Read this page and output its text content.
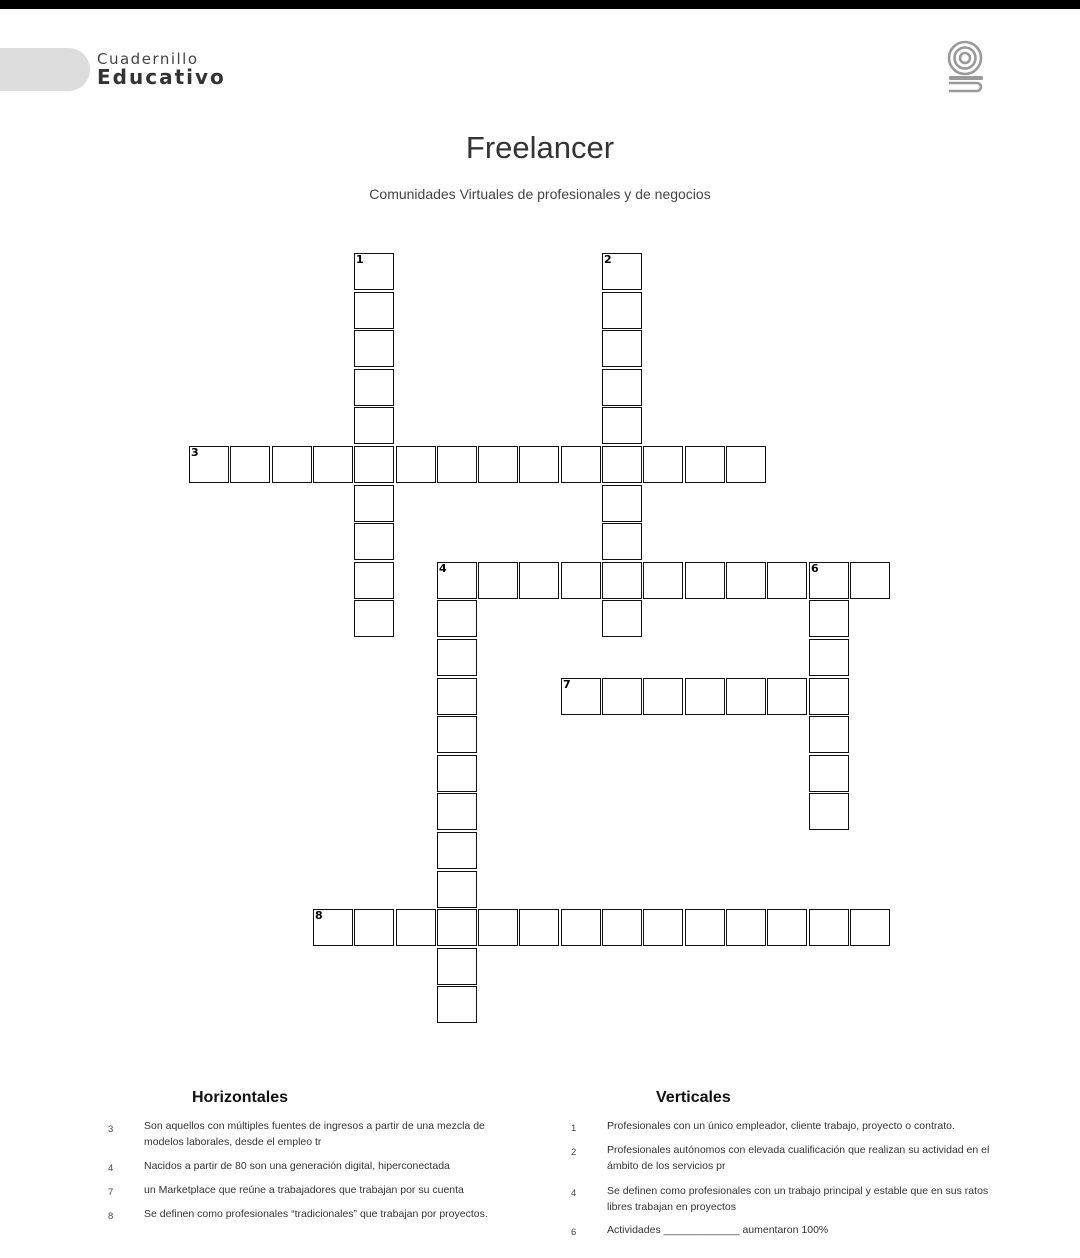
Cuadernillo
Educativo
Freelancer
Comunidades Virtuales de profesionales y de negocios
1	2
3
4	6
7
8
Horizontales	Verticales
3	Son aquellos con múltiples fuentes de ingresos a partir de una mezcla de modelos laborales, desde el empleo tr
4	Nacidos a partir de 80 son una generación digital, hiperconectada
7	un Marketplace que reúne a trabajadores que trabajan por su cuenta
8	Se definen como profesionales “tradicionales” que trabajan por proyectos.
1	Profesionales con un único empleador, cliente trabajo, proyecto o contrato.
2	Profesionales autónomos con elevada cualificación que realizan su actividad en el ámbito de los servicios pr
4	Se definen como profesionales con un trabajo principal y estable que en sus ratos libres trabajan en proyectos
6	Actividades _____________ aumentaron 100%
